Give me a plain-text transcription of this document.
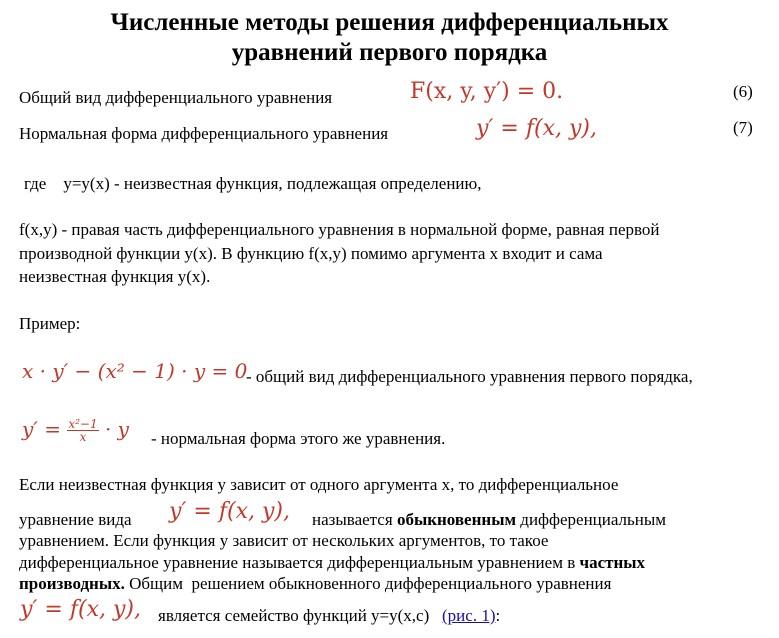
Численные методы решения дифференциальных
уравнений первого порядка
Общий вид дифференциального уравнения	F(x, y, y′) = 0.	(6)
Нормальная форма дифференциального уравнения	y′ = f(x, y),	(7)
где    y=y(x) - неизвестная функция, подлежащая определению,
f(x,y) - правая часть дифференциального уравнения в нормальной форме, равная первой
производной функции y(x). В функцию f(x,y) помимо аргумента x входит и сама
неизвестная функция y(x).
Пример:
x · y′ − (x² − 1) · y = 0
- общий вид дифференциального уравнения первого порядка,
$y' = \frac{\text{x²−1}}{x} \cdot y$ - нормальная форма этого же уравнения.
Если неизвестная функция y зависит от одного аргумента x, то дифференциальное
уравнение вида y′ = f(x, y), называется обыкновенным дифференциальным
уравнением. Если функция y зависит от нескольких аргументов, то такое
дифференциальное уравнение называется дифференциальным уравнением в частных
производных. Общим  решением обыкновенного дифференциального уравнения
y′ = f(x, y), является семейство функций y=y(x,c) (рис. 1):
